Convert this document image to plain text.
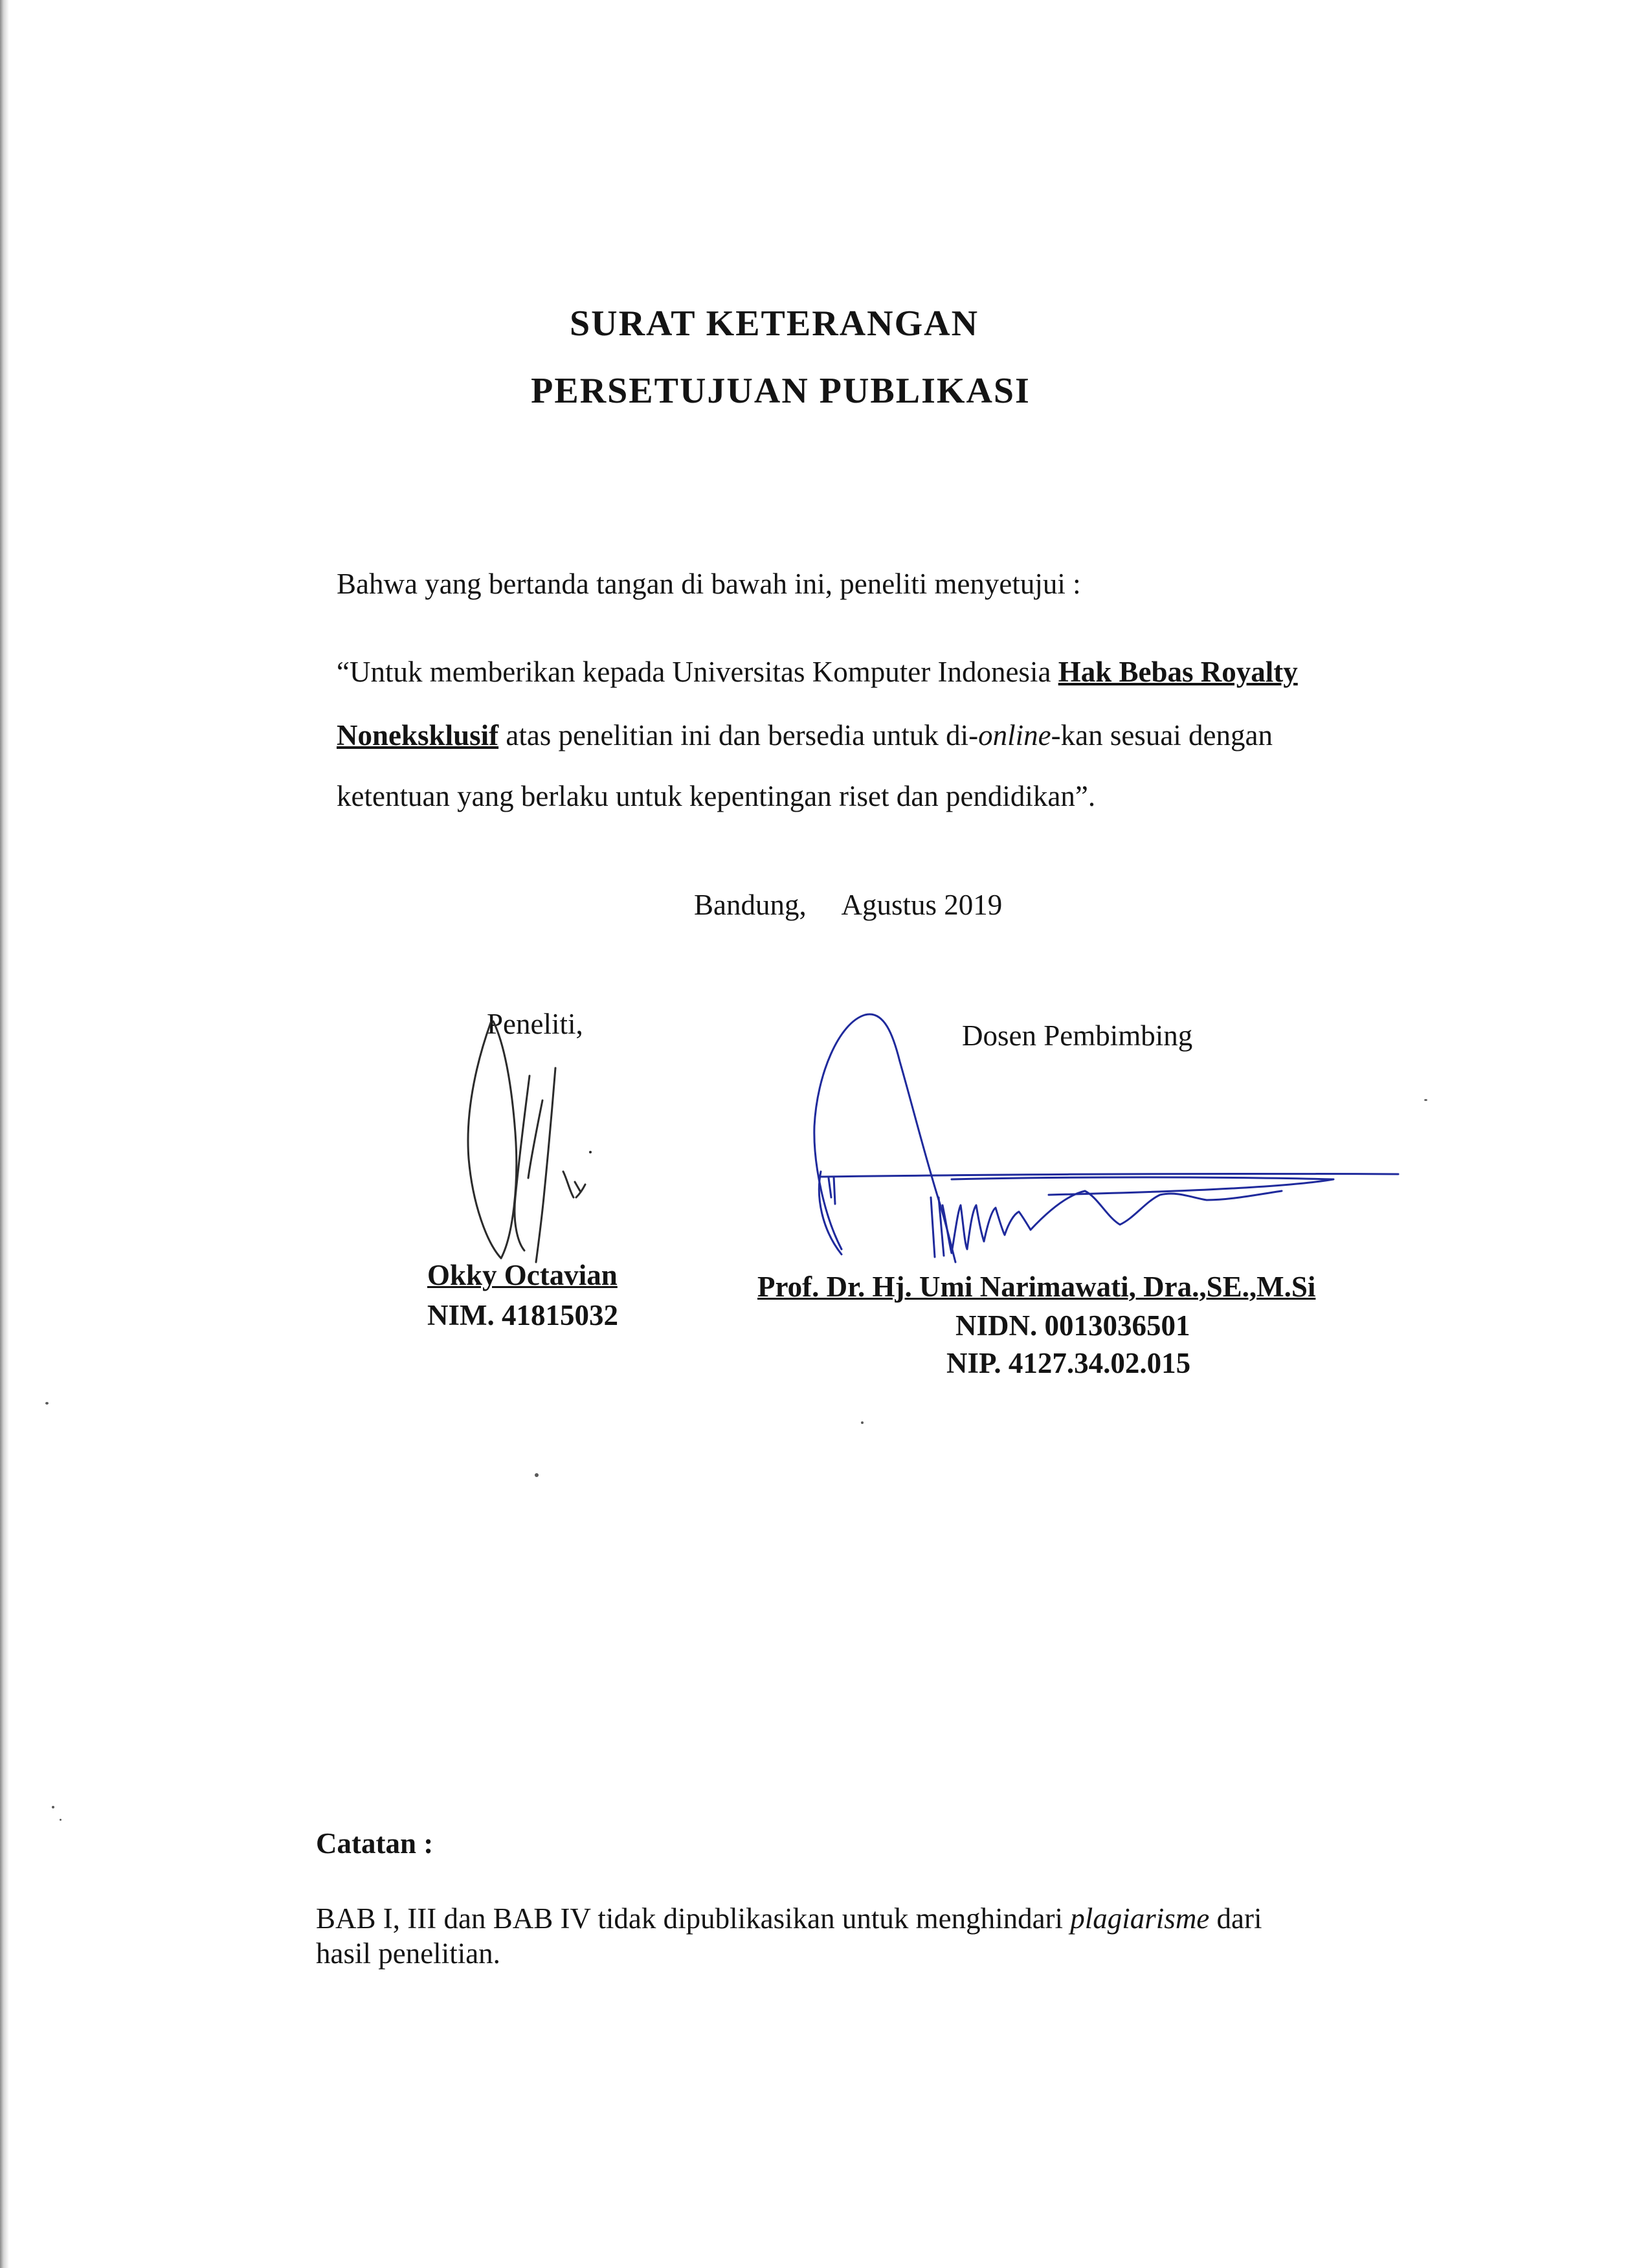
SURAT KETERANGAN
PERSETUJUAN PUBLIKASI

Bahwa yang bertanda tangan di bawah ini, peneliti menyetujui :

“Untuk memberikan kepada Universitas Komputer Indonesia Hak Bebas Royalty

Noneksklusif atas penelitian ini dan bersedia untuk di-online-kan sesuai dengan

ketentuan yang berlaku untuk kepentingan riset dan pendidikan”.

Bandung,     Agustus 2019

Peneliti,

Okky Octavian

NIM. 41815032

Dosen Pembimbing

Prof. Dr. Hj. Umi Narimawati, Dra.,SE.,M.Si

NIDN. 0013036501

NIP. 4127.34.02.015

Catatan :

BAB I, III dan BAB IV tidak dipublikasikan untuk menghindari plagiarisme dari

hasil penelitian.
